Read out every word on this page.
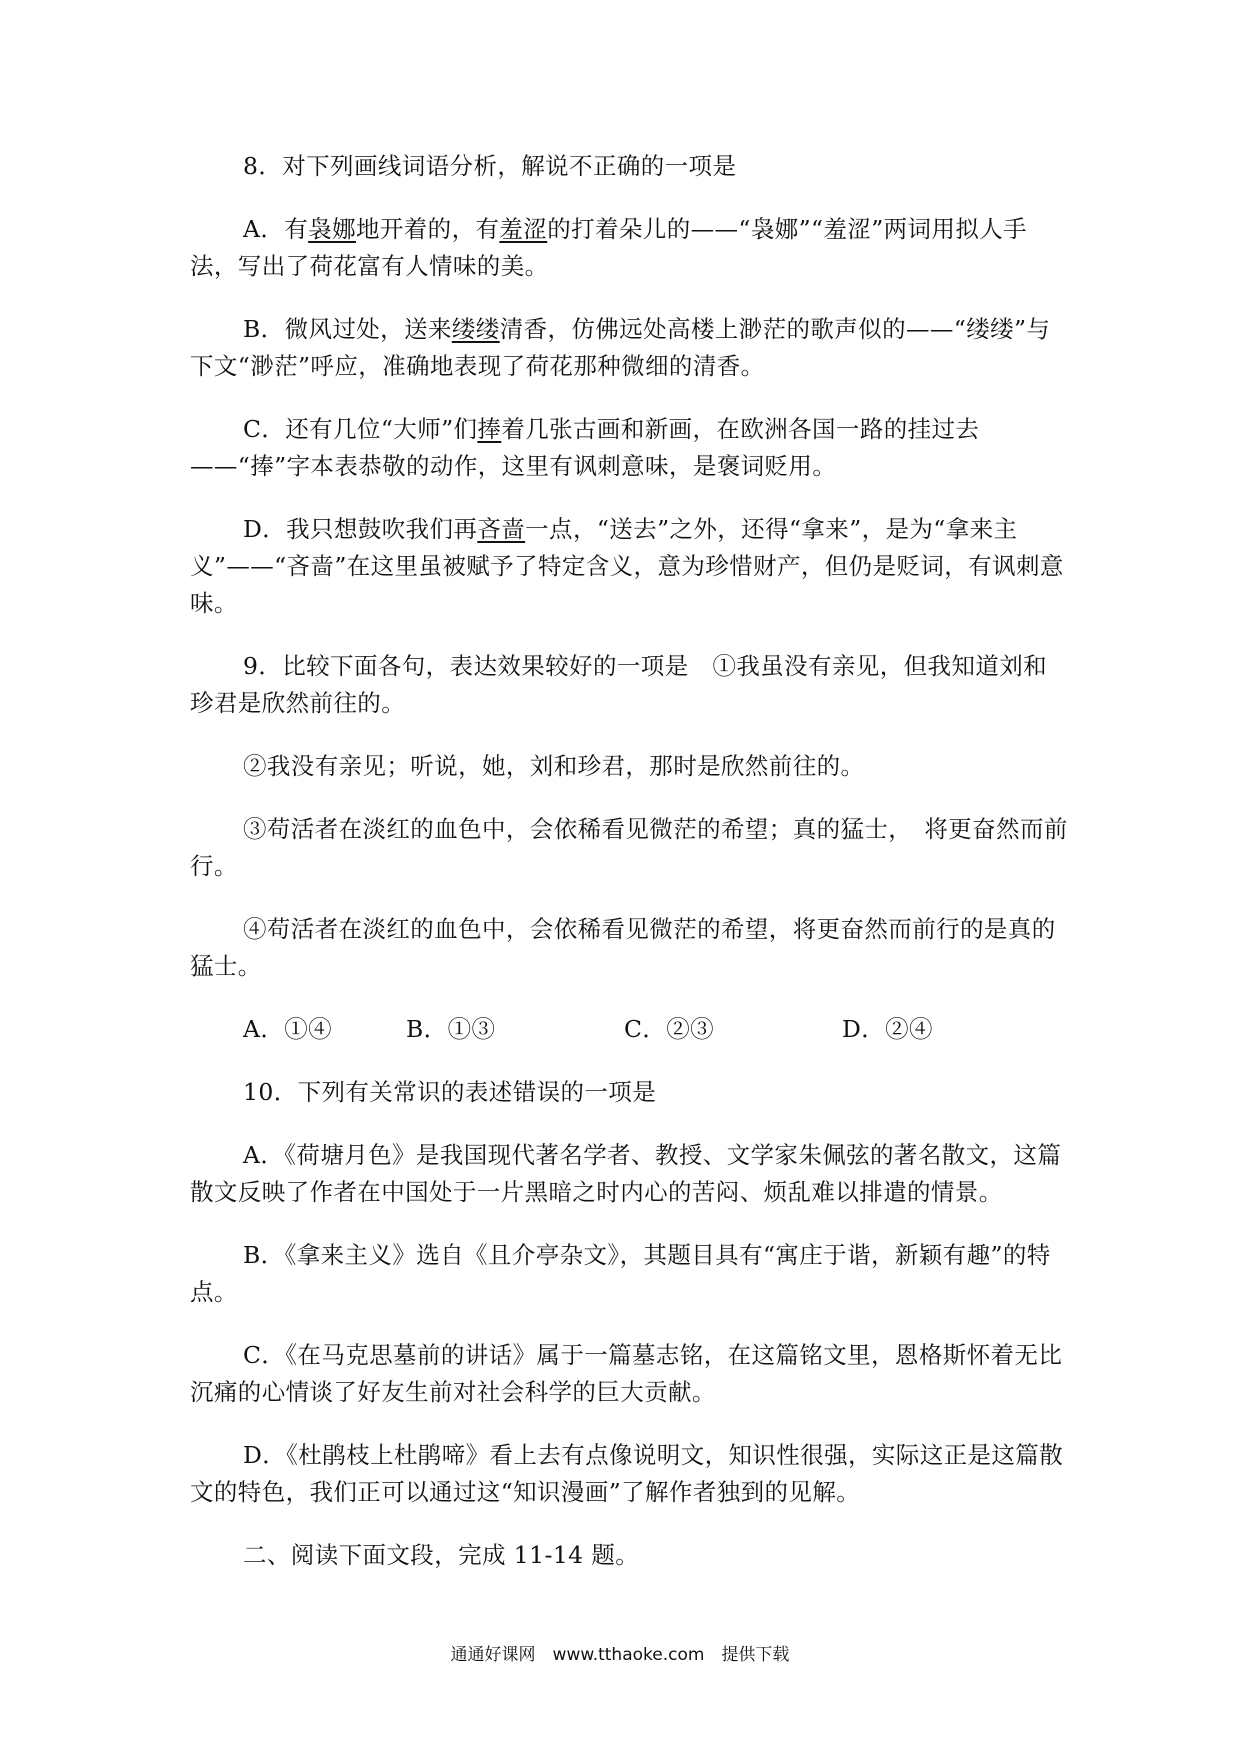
8．对下列画线词语分析，解说不正确的一项是

A．有袅娜地开着的，有羞涩的打着朵儿的——“袅娜”“羞涩”两词用拟人手法，写出了荷花富有人情味的美。

B．微风过处，送来缕缕清香，仿佛远处高楼上渺茫的歌声似的——“缕缕”与下文“渺茫”呼应，准确地表现了荷花那种微细的清香。

C．还有几位“大师”们捧着几张古画和新画，在欧洲各国一路的挂过去——“捧”字本表恭敬的动作，这里有讽刺意味，是褒词贬用。

D．我只想鼓吹我们再吝啬一点，“送去”之外，还得“拿来”，是为“拿来主义”——“吝啬”在这里虽被赋予了特定含义，意为珍惜财产，但仍是贬词，有讽刺意味。

9．比较下面各句，表达效果较好的一项是　①我虽没有亲见，但我知道刘和珍君是欣然前往的。

②我没有亲见；听说，她，刘和珍君，那时是欣然前往的。

③苟活者在淡红的血色中，会依稀看见微茫的希望；真的猛士，　将更奋然而前行。

④苟活者在淡红的血色中，会依稀看见微茫的希望，将更奋然而前行的是真的猛士。

A．①④	B．①③	C．②③	D．②④

10．下列有关常识的表述错误的一项是

A．《荷塘月色》是我国现代著名学者、教授、文学家朱佩弦的著名散文，这篇散文反映了作者在中国处于一片黑暗之时内心的苦闷、烦乱难以排遣的情景。

B．《拿来主义》选自《且介亭杂文》，其题目具有“寓庄于谐，新颖有趣”的特点。

C．《在马克思墓前的讲话》属于一篇墓志铭，在这篇铭文里，恩格斯怀着无比沉痛的心情谈了好友生前对社会科学的巨大贡献。

D．《杜鹃枝上杜鹃啼》看上去有点像说明文，知识性很强，实际这正是这篇散文的特色，我们正可以通过这“知识漫画”了解作者独到的见解。

二、阅读下面文段，完成 11-14 题。

通通好课网　www.tthaoke.com　提供下载
